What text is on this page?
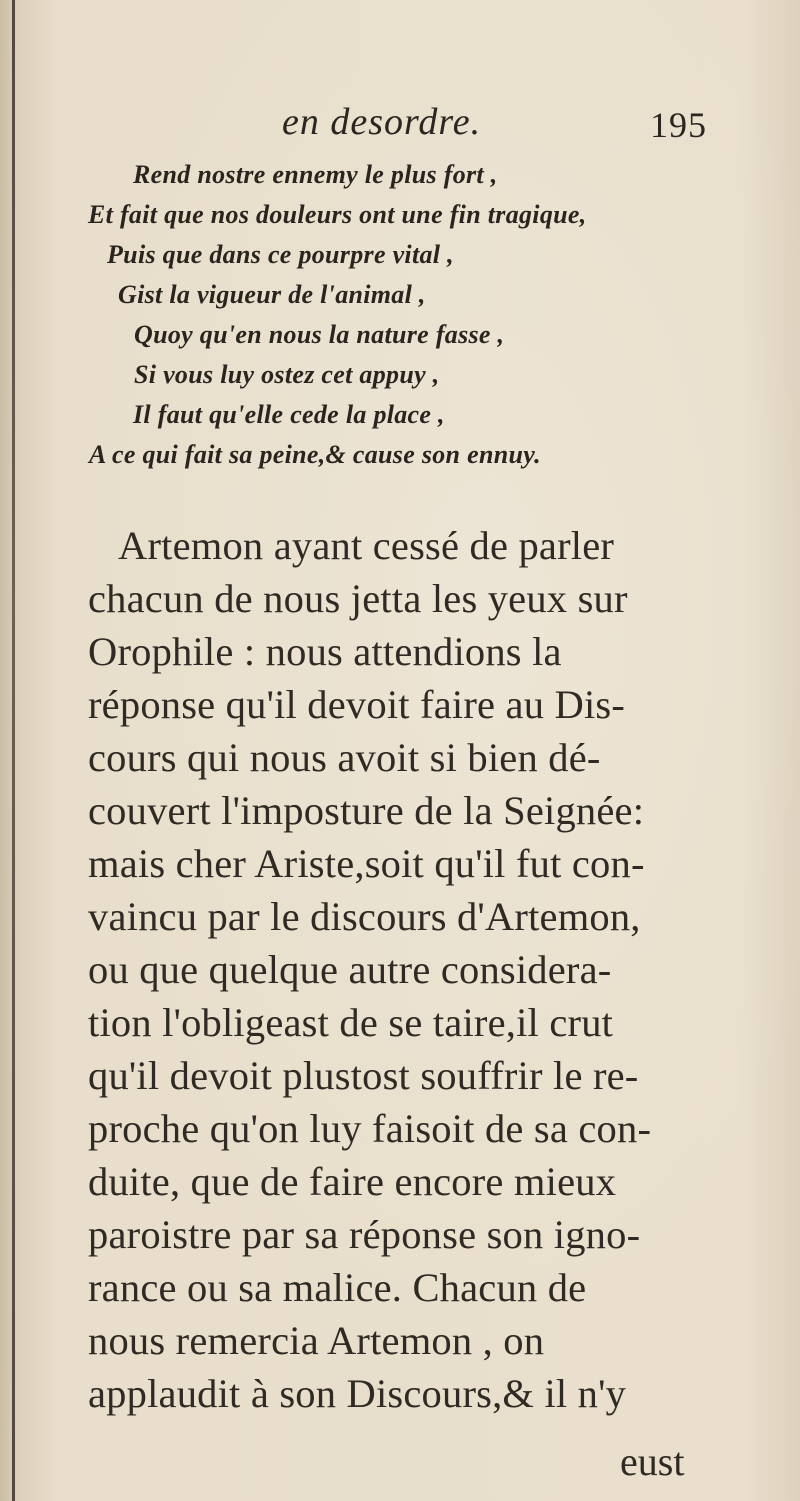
en desordre.	195
Rend nostre ennemy le plus fort ,
Et fait que nos douleurs ont une fin tragique,
Puis que dans ce pourpre vital ,
Gist la vigueur de l'animal ,
Quoy qu'en nous la nature fasse ,
Si vous luy ostez cet appuy ,
Il faut qu'elle cede la place ,
A ce qui fait sa peine,& cause son ennuy.
Artemon ayant cessé de parler
chacun de nous jetta les yeux sur
Orophile : nous attendions la
réponse qu'il devoit faire au Dis-
cours qui nous avoit si bien dé-
couvert l'imposture de la Seignée:
mais cher Ariste,soit qu'il fut con-
vaincu par le discours d'Artemon,
ou que quelque autre considera-
tion l'obligeast de se taire,il crut
qu'il devoit plustost souffrir le re-
proche qu'on luy faisoit de sa con-
duite, que de faire encore mieux
paroistre par sa réponse son igno-
rance ou sa malice. Chacun de
nous remercia Artemon , on
applaudit à son Discours,& il n'y
eust
